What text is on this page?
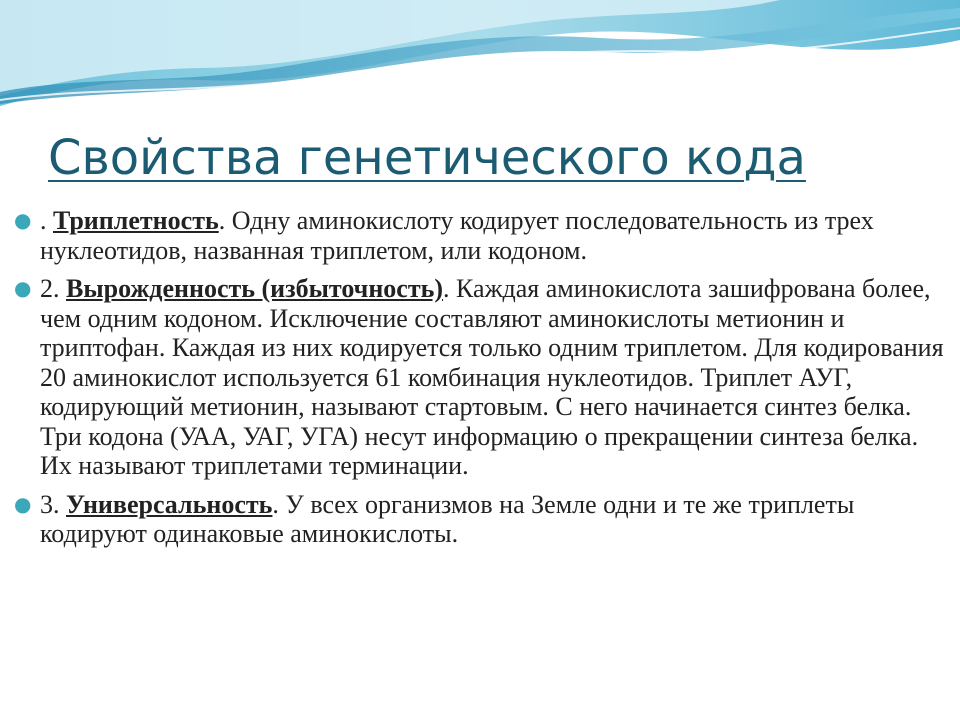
Свойства генетического кода
● . Триплетность. Одну аминокислоту кодирует последовательность из трех нуклеотидов, названная триплетом, или кодоном.
● 2. Вырожденность (избыточность). Каждая аминокислота зашифрована более, чем одним кодоном. Исключение составляют аминокислоты метионин и триптофан. Каждая из них кодируется только одним триплетом. Для кодирования 20 аминокислот используется 61 комбинация нуклеотидов. Триплет АУГ, кодирующий метионин, называют стартовым. С него начинается синтез белка. Три кодона (УАА, УАГ, УГА) несут информацию о прекращении синтеза белка. Их называют триплетами терминации.
● 3. Универсальность. У всех организмов на Земле одни и те же триплеты кодируют одинаковые аминокислоты.
